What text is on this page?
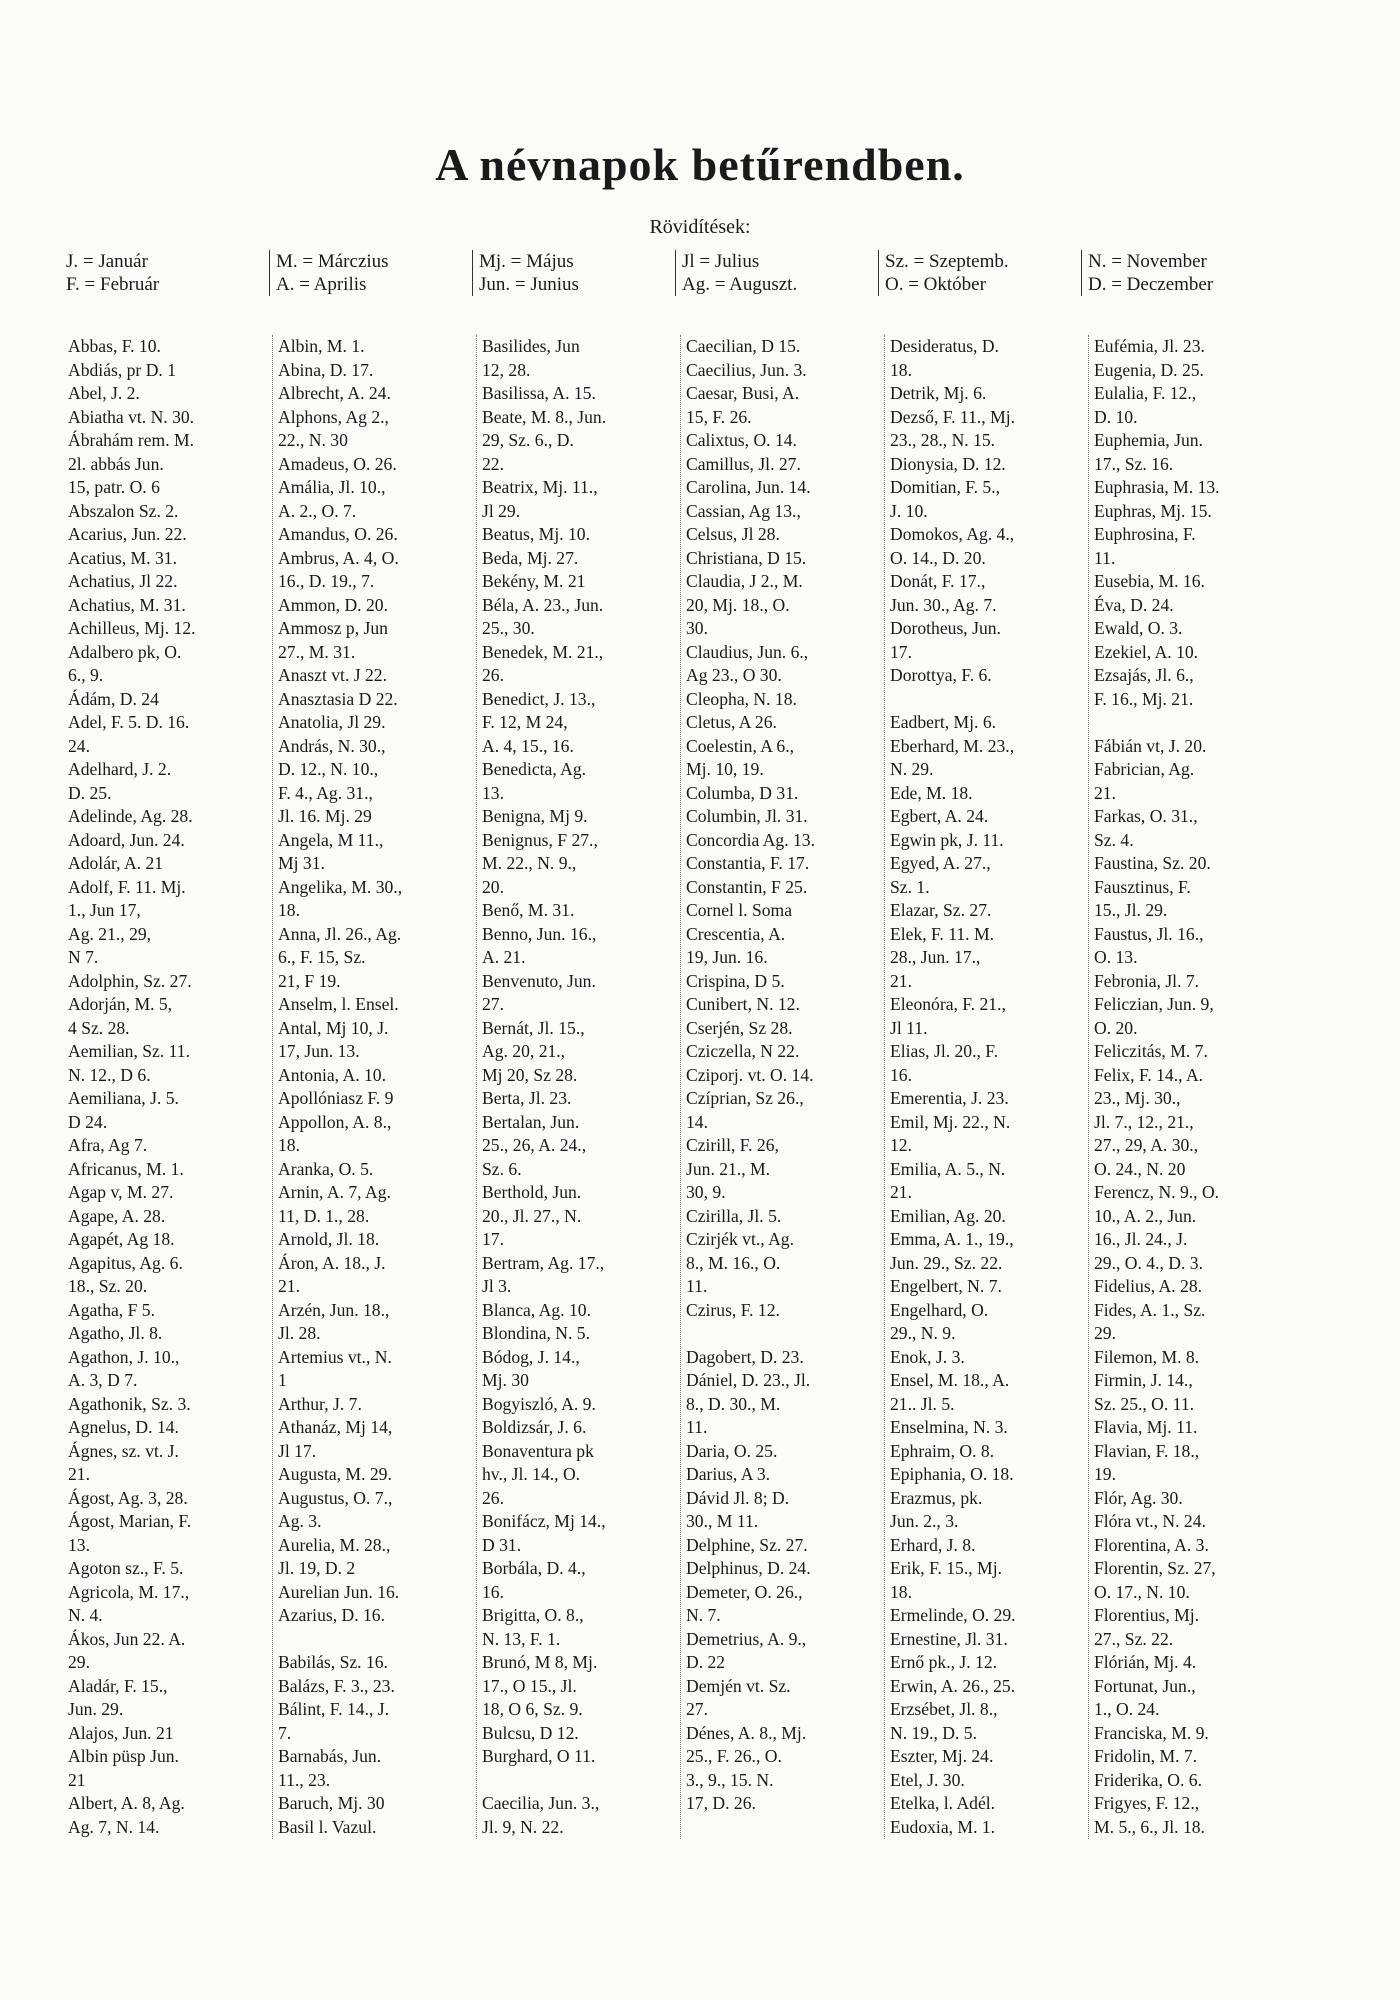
A névnapok betűrendben.
Rövidítések:
J. = Január
F. = Február
M. = Márczius
A. = Aprilis
Mj. = Május
Jun. = Junius
Jl = Julius
Ag. = Auguszt.
Sz. = Szeptemb.
O. = Október
N. = November
D. = Deczember
Abbas, F. 10.
Abdiás, pr D. 1
Abel, J. 2.
Abiatha vt. N. 30.
Ábrahám rem. M.
2l. abbás Jun.
15, patr. O. 6
Abszalon Sz. 2.
Acarius, Jun. 22.
Acatius, M. 31.
Achatius, Jl 22.
Achatius, M. 31.
Achilleus, Mj. 12.
Adalbero pk, O.
6., 9.
Ádám, D. 24
Adel, F. 5. D. 16.
24.
Adelhard, J. 2.
D. 25.
Adelinde, Ag. 28.
Adoard, Jun. 24.
Adolár, A. 21
Adolf, F. 11. Mj.
1., Jun 17,
Ag. 21., 29,
N 7.
Adolphin, Sz. 27.
Adorján, M. 5,
4 Sz. 28.
Aemilian, Sz. 11.
N. 12., D 6.
Aemiliana, J. 5.
D 24.
Afra, Ag 7.
Africanus, M. 1.
Agap v, M. 27.
Agape, A. 28.
Agapét, Ag 18.
Agapitus, Ag. 6.
18., Sz. 20.
Agatha, F 5.
Agatho, Jl. 8.
Agathon, J. 10.,
A. 3, D 7.
Agathonik, Sz. 3.
Agnelus, D. 14.
Ágnes, sz. vt. J.
21.
Ágost, Ag. 3, 28.
Ágost, Marian, F.
13.
Agoton sz., F. 5.
Agricola, M. 17.,
N. 4.
Ákos, Jun 22. A.
29.
Aladár, F. 15.,
Jun. 29.
Alajos, Jun. 21
Albin püsp Jun.
21
Albert, A. 8, Ag.
Ag. 7, N. 14.
Albin, M. 1.
Abina, D. 17.
Albrecht, A. 24.
Alphons, Ag 2.,
22., N. 30
Amadeus, O. 26.
Amália, Jl. 10.,
A. 2., O. 7.
Amandus, O. 26.
Ambrus, A. 4, O.
16., D. 19., 7.
Ammon, D. 20.
Ammosz p, Jun
27., M. 31.
Anaszt vt. J 22.
Anasztasia D 22.
Anatolia, Jl 29.
András, N. 30.,
D. 12., N. 10.,
F. 4., Ag. 31.,
Jl. 16. Mj. 29
Angela, M 11.,
Mj 31.
Angelika, M. 30.,
18.
Anna, Jl. 26., Ag.
6., F. 15, Sz.
21, F 19.
Anselm, l. Ensel.
Antal, Mj 10, J.
17, Jun. 13.
Antonia, A. 10.
Apollóniasz F. 9
Appollon, A. 8.,
18.
Aranka, O. 5.
Arnin, A. 7, Ag.
11, D. 1., 28.
Arnold, Jl. 18.
Áron, A. 18., J.
21.
Arzén, Jun. 18.,
Jl. 28.
Artemius vt., N.
1
Arthur, J. 7.
Athanáz, Mj 14,
Jl 17.
Augusta, M. 29.
Augustus, O. 7.,
Ag. 3.
Aurelia, M. 28.,
Jl. 19, D. 2
Aurelian Jun. 16.
Azarius, D. 16.
Babilás, Sz. 16.
Balázs, F. 3., 23.
Bálint, F. 14., J.
7.
Barnabás, Jun.
11., 23.
Baruch, Mj. 30
Basil l. Vazul.
Basilides, Jun
12, 28.
Basilissa, A. 15.
Beate, M. 8., Jun.
29, Sz. 6., D.
22.
Beatrix, Mj. 11.,
Jl 29.
Beatus, Mj. 10.
Beda, Mj. 27.
Bekény, M. 21
Béla, A. 23., Jun.
25., 30.
Benedek, M. 21.,
26.
Benedict, J. 13.,
F. 12, M 24,
A. 4, 15., 16.
Benedicta, Ag.
13.
Benigna, Mj 9.
Benignus, F 27.,
M. 22., N. 9.,
20.
Benő, M. 31.
Benno, Jun. 16.,
A. 21.
Benvenuto, Jun.
27.
Bernát, Jl. 15.,
Ag. 20, 21.,
Mj 20, Sz 28.
Berta, Jl. 23.
Bertalan, Jun.
25., 26, A. 24.,
Sz. 6.
Berthold, Jun.
20., Jl. 27., N.
17.
Bertram, Ag. 17.,
Jl 3.
Blanca, Ag. 10.
Blondina, N. 5.
Bódog, J. 14.,
Mj. 30
Bogyiszló, A. 9.
Boldizsár, J. 6.
Bonaventura pk
hv., Jl. 14., O.
26.
Bonifácz, Mj 14.,
D 31.
Borbála, D. 4.,
16.
Brigitta, O. 8.,
N. 13, F. 1.
Brunó, M 8, Mj.
17., O 15., Jl.
18, O 6, Sz. 9.
Bulcsu, D 12.
Burghard, O 11.
Caecilia, Jun. 3.,
Jl. 9, N. 22.
Caecilian, D 15.
Caecilius, Jun. 3.
Caesar, Busi, A.
15, F. 26.
Calixtus, O. 14.
Camillus, Jl. 27.
Carolina, Jun. 14.
Cassian, Ag 13.,
Celsus, Jl 28.
Christiana, D 15.
Claudia, J 2., M.
20, Mj. 18., O.
30.
Claudius, Jun. 6.,
Ag 23., O 30.
Cleopha, N. 18.
Cletus, A 26.
Coelestin, A 6.,
Mj. 10, 19.
Columba, D 31.
Columbin, Jl. 31.
Concordia Ag. 13.
Constantia, F. 17.
Constantin, F 25.
Cornel l. Soma
Crescentia, A.
19, Jun. 16.
Crispina, D 5.
Cunibert, N. 12.
Cserjén, Sz 28.
Cziczella, N 22.
Cziporj. vt. O. 14.
Czíprian, Sz 26.,
14.
Czirill, F. 26,
Jun. 21., M.
30, 9.
Czirilla, Jl. 5.
Czirjék vt., Ag.
8., M. 16., O.
11.
Czirus, F. 12.
Dagobert, D. 23.
Dániel, D. 23., Jl.
8., D. 30., M.
11.
Daria, O. 25.
Darius, A 3.
Dávid Jl. 8; D.
30., M 11.
Delphine, Sz. 27.
Delphinus, D. 24.
Demeter, O. 26.,
N. 7.
Demetrius, A. 9.,
D. 22
Demjén vt. Sz.
27.
Dénes, A. 8., Mj.
25., F. 26., O.
3., 9., 15. N.
17, D. 26.
Desideratus, D.
18.
Detrik, Mj. 6.
Dezső, F. 11., Mj.
23., 28., N. 15.
Dionysia, D. 12.
Domitian, F. 5.,
J. 10.
Domokos, Ag. 4.,
O. 14., D. 20.
Donát, F. 17.,
Jun. 30., Ag. 7.
Dorotheus, Jun.
17.
Dorottya, F. 6.
Eadbert, Mj. 6.
Eberhard, M. 23.,
N. 29.
Ede, M. 18.
Egbert, A. 24.
Egwin pk, J. 11.
Egyed, A. 27.,
Sz. 1.
Elazar, Sz. 27.
Elek, F. 11. M.
28., Jun. 17.,
21.
Eleonóra, F. 21.,
Jl 11.
Elias, Jl. 20., F.
16.
Emerentia, J. 23.
Emil, Mj. 22., N.
12.
Emilia, A. 5., N.
21.
Emilian, Ag. 20.
Emma, A. 1., 19.,
Jun. 29., Sz. 22.
Engelbert, N. 7.
Engelhard, O.
29., N. 9.
Enok, J. 3.
Ensel, M. 18., A.
21.. Jl. 5.
Enselmina, N. 3.
Ephraim, O. 8.
Epiphania, O. 18.
Erazmus, pk.
Jun. 2., 3.
Erhard, J. 8.
Erik, F. 15., Mj.
18.
Ermelinde, O. 29.
Ernestine, Jl. 31.
Ernő pk., J. 12.
Erwin, A. 26., 25.
Erzsébet, Jl. 8.,
N. 19., D. 5.
Eszter, Mj. 24.
Etel, J. 30.
Etelka, l. Adél.
Eudoxia, M. 1.
Eufémia, Jl. 23.
Eugenia, D. 25.
Eulalia, F. 12.,
D. 10.
Euphemia, Jun.
17., Sz. 16.
Euphrasia, M. 13.
Euphras, Mj. 15.
Euphrosina, F.
11.
Eusebia, M. 16.
Éva, D. 24.
Ewald, O. 3.
Ezekiel, A. 10.
Ezsajás, Jl. 6.,
F. 16., Mj. 21.
Fábián vt, J. 20.
Fabrician, Ag.
21.
Farkas, O. 31.,
Sz. 4.
Faustina, Sz. 20.
Fausztinus, F.
15., Jl. 29.
Faustus, Jl. 16.,
O. 13.
Febronia, Jl. 7.
Feliczian, Jun. 9,
O. 20.
Feliczitás, M. 7.
Felix, F. 14., A.
23., Mj. 30.,
Jl. 7., 12., 21.,
27., 29, A. 30.,
O. 24., N. 20
Ferencz, N. 9., O.
10., A. 2., Jun.
16., Jl. 24., J.
29., O. 4., D. 3.
Fidelius, A. 28.
Fides, A. 1., Sz.
29.
Filemon, M. 8.
Firmin, J. 14.,
Sz. 25., O. 11.
Flavia, Mj. 11.
Flavian, F. 18.,
19.
Flór, Ag. 30.
Flóra vt., N. 24.
Florentina, A. 3.
Florentin, Sz. 27,
O. 17., N. 10.
Florentius, Mj.
27., Sz. 22.
Flórián, Mj. 4.
Fortunat, Jun.,
1., O. 24.
Franciska, M. 9.
Fridolin, M. 7.
Friderika, O. 6.
Frigyes, F. 12.,
M. 5., 6., Jl. 18.
